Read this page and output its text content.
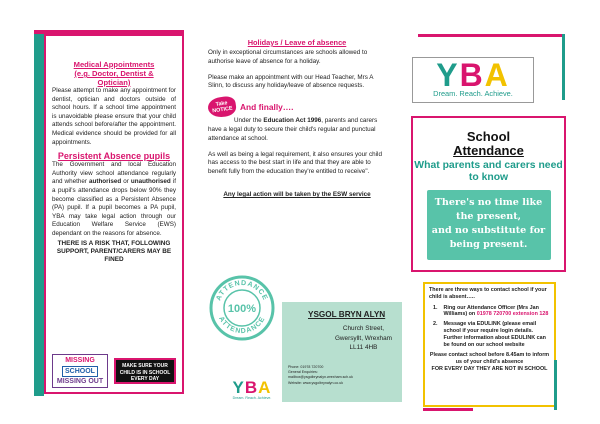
Medical Appointments
(e.g. Doctor, Dentist &
Optician)

Please attempt to make any appointment for dentist, optician and doctors outside of school hours. If a school time appointment is unavoidable please ensure that your child attends school before/after the appointment. Medical evidence should be provided for all appointments.

Persistent Absence pupils

The Government and local Education Authority view school attendance regularly and whether authorised or unauthorised if a pupil's attendance drops below 90% they become classified as a Persistent Absence (PA) pupil. If a pupil becomes a PA pupil, YBA may take legal action through our Education Welfare Service (EWS) dependant on the reasons for absence.

THERE IS A RISK THAT, FOLLOWING SUPPORT, PARENT/CARERS MAY BE FINED

MISSING
SCHOOL
MISSING OUT
MAKE SURE YOUR CHILD IS IN SCHOOL EVERY DAY
Holidays / Leave of absence

Only in exceptional circumstances are schools allowed to authorise leave of absence for a holiday.

Please make an appointment with our Head Teacher, Mrs A Slinn, to discuss any holiday/leave of absence requests.

Take NOTICE And finally….

Under the Education Act 1996, parents and carers have a legal duty to secure their child's regular and punctual attendance at school.

As well as being a legal requirement, it also ensures your child has access to the best start in life and that they are able to benefit fully from the education they're entitled to receive".

Any legal action will be taken by the ESW service

ATTENDANCE
ATTENDANCE
100%	YSGOL BRYN ALYN
Church Street,
Gwersyllt, Wrexham
LL11 4HB
Phone: 01978 720700
General Enquiries:
mailbox@ysgolbrynalyn.wrexham.sch.uk
Website: www.ysgolbrynalyn.co.uk
YBA
Dream. Reach. Achieve.
YBA
Dream. Reach. Achieve.
School
Attendance
What parents and carers need to know
There's no time like
the present,
and no substitute for
being present.
There are three ways to contact school if your child is absent…..
1. Ring our Attendance Officer (Mrs Jan Williams) on 01978 720700 extension 128
2. Message via EDULINK (please email school if your require login details. Further information about EDULINK can be found on our school website
Please contact school before 8.45am to inform us of your child's absence
FOR EVERY DAY THEY ARE NOT IN SCHOOL
